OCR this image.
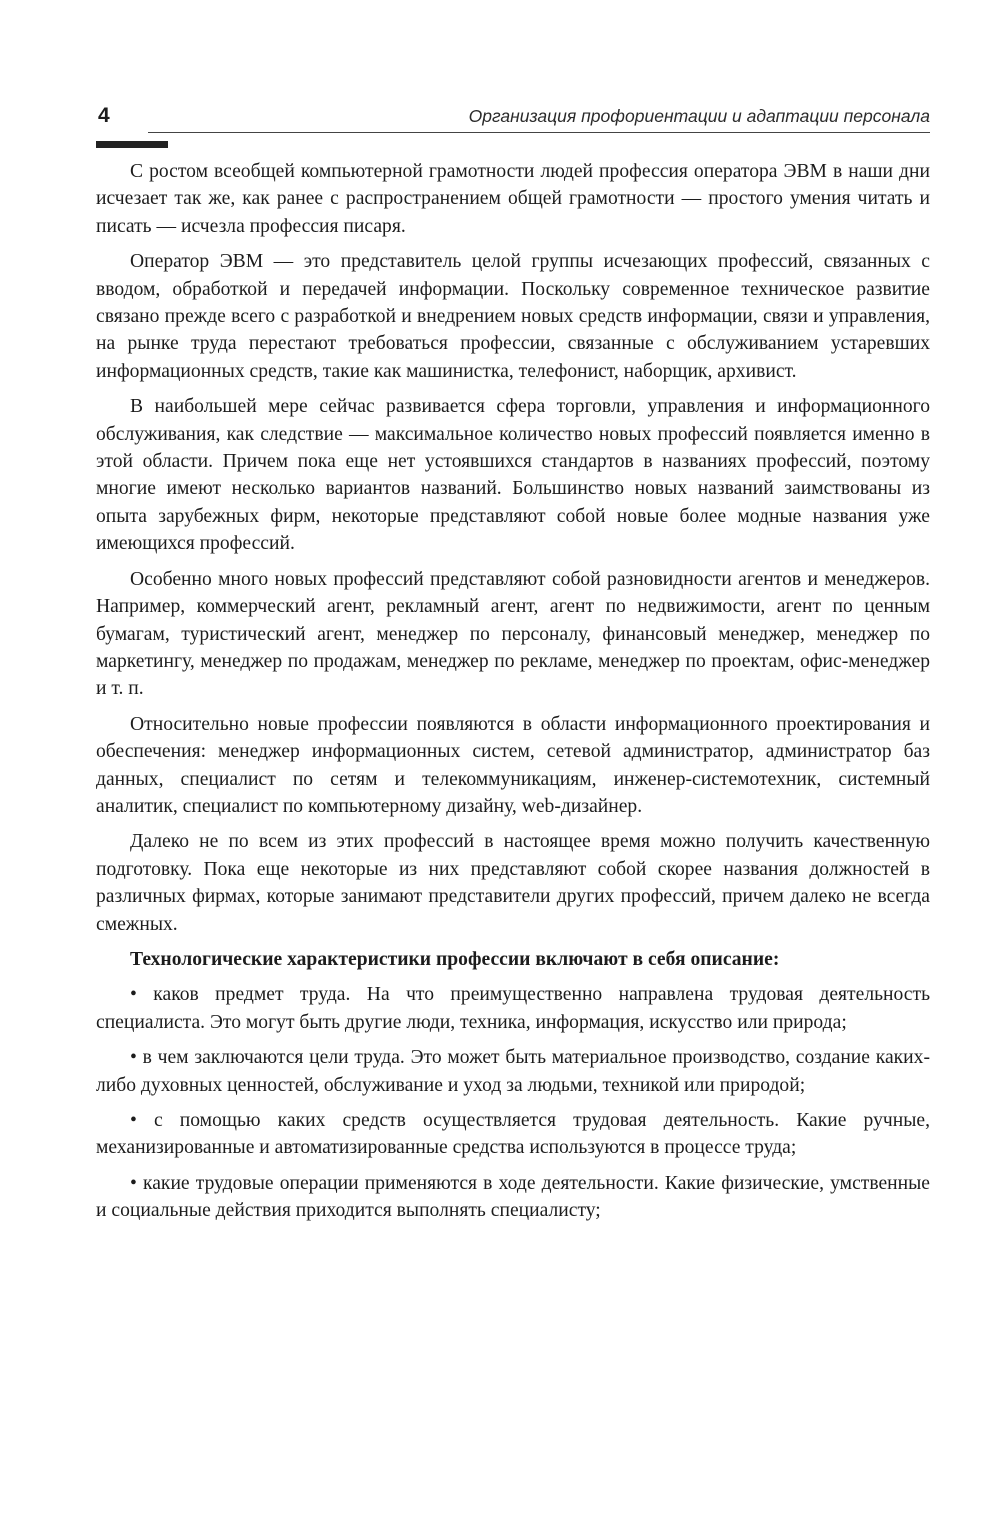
4	Организация профориентации и адаптации персонала

С ростом всеобщей компьютерной грамотности людей профессия оператора ЭВМ в наши дни исчезает так же, как ранее с распространением общей грамотности — простого умения читать и писать — исчезла профессия писаря.

Оператор ЭВМ — это представитель целой группы исчезающих профессий, связанных с вводом, обработкой и передачей информации. Поскольку современное техническое развитие связано прежде всего с разработкой и внедрением новых средств информации, связи и управления, на рынке труда перестают требоваться профессии, связанные с обслуживанием устаревших информационных средств, такие как машинистка, телефонист, наборщик, архивист.

В наибольшей мере сейчас развивается сфера торговли, управления и информационного обслуживания, как следствие — максимальное количество новых профессий появляется именно в этой области. Причем пока еще нет устоявшихся стандартов в названиях профессий, поэтому многие имеют несколько вариантов названий. Большинство новых названий заимствованы из опыта зарубежных фирм, некоторые представляют собой новые более модные названия уже имеющихся профессий.

Особенно много новых профессий представляют собой разновидности агентов и менеджеров. Например, коммерческий агент, рекламный агент, агент по недвижимости, агент по ценным бумагам, туристический агент, менеджер по персоналу, финансовый менеджер, менеджер по маркетингу, менеджер по продажам, менеджер по рекламе, менеджер по проектам, офис-менеджер и т. п.

Относительно новые профессии появляются в области информационного проектирования и обеспечения: менеджер информационных систем, сетевой администратор, администратор баз данных, специалист по сетям и телекоммуникациям, инженер-системотехник, системный аналитик, специалист по компьютерному дизайну, web-дизайнер.

Далеко не по всем из этих профессий в настоящее время можно получить качественную подготовку. Пока еще некоторые из них представляют собой скорее названия должностей в различных фирмах, которые занимают представители других профессий, причем далеко не всегда смежных.

Технологические характеристики профессии включают в себя описание:

• каков предмет труда. На что преимущественно направлена трудовая деятельность специалиста. Это могут быть другие люди, техника, информация, искусство или природа;

• в чем заключаются цели труда. Это может быть материальное производство, создание каких-либо духовных ценностей, обслуживание и уход за людьми, техникой или природой;

• с помощью каких средств осуществляется трудовая деятельность. Какие ручные, механизированные и автоматизированные средства используются в процессе труда;

• какие трудовые операции применяются в ходе деятельности. Какие физические, умственные и социальные действия приходится выполнять специалисту;
